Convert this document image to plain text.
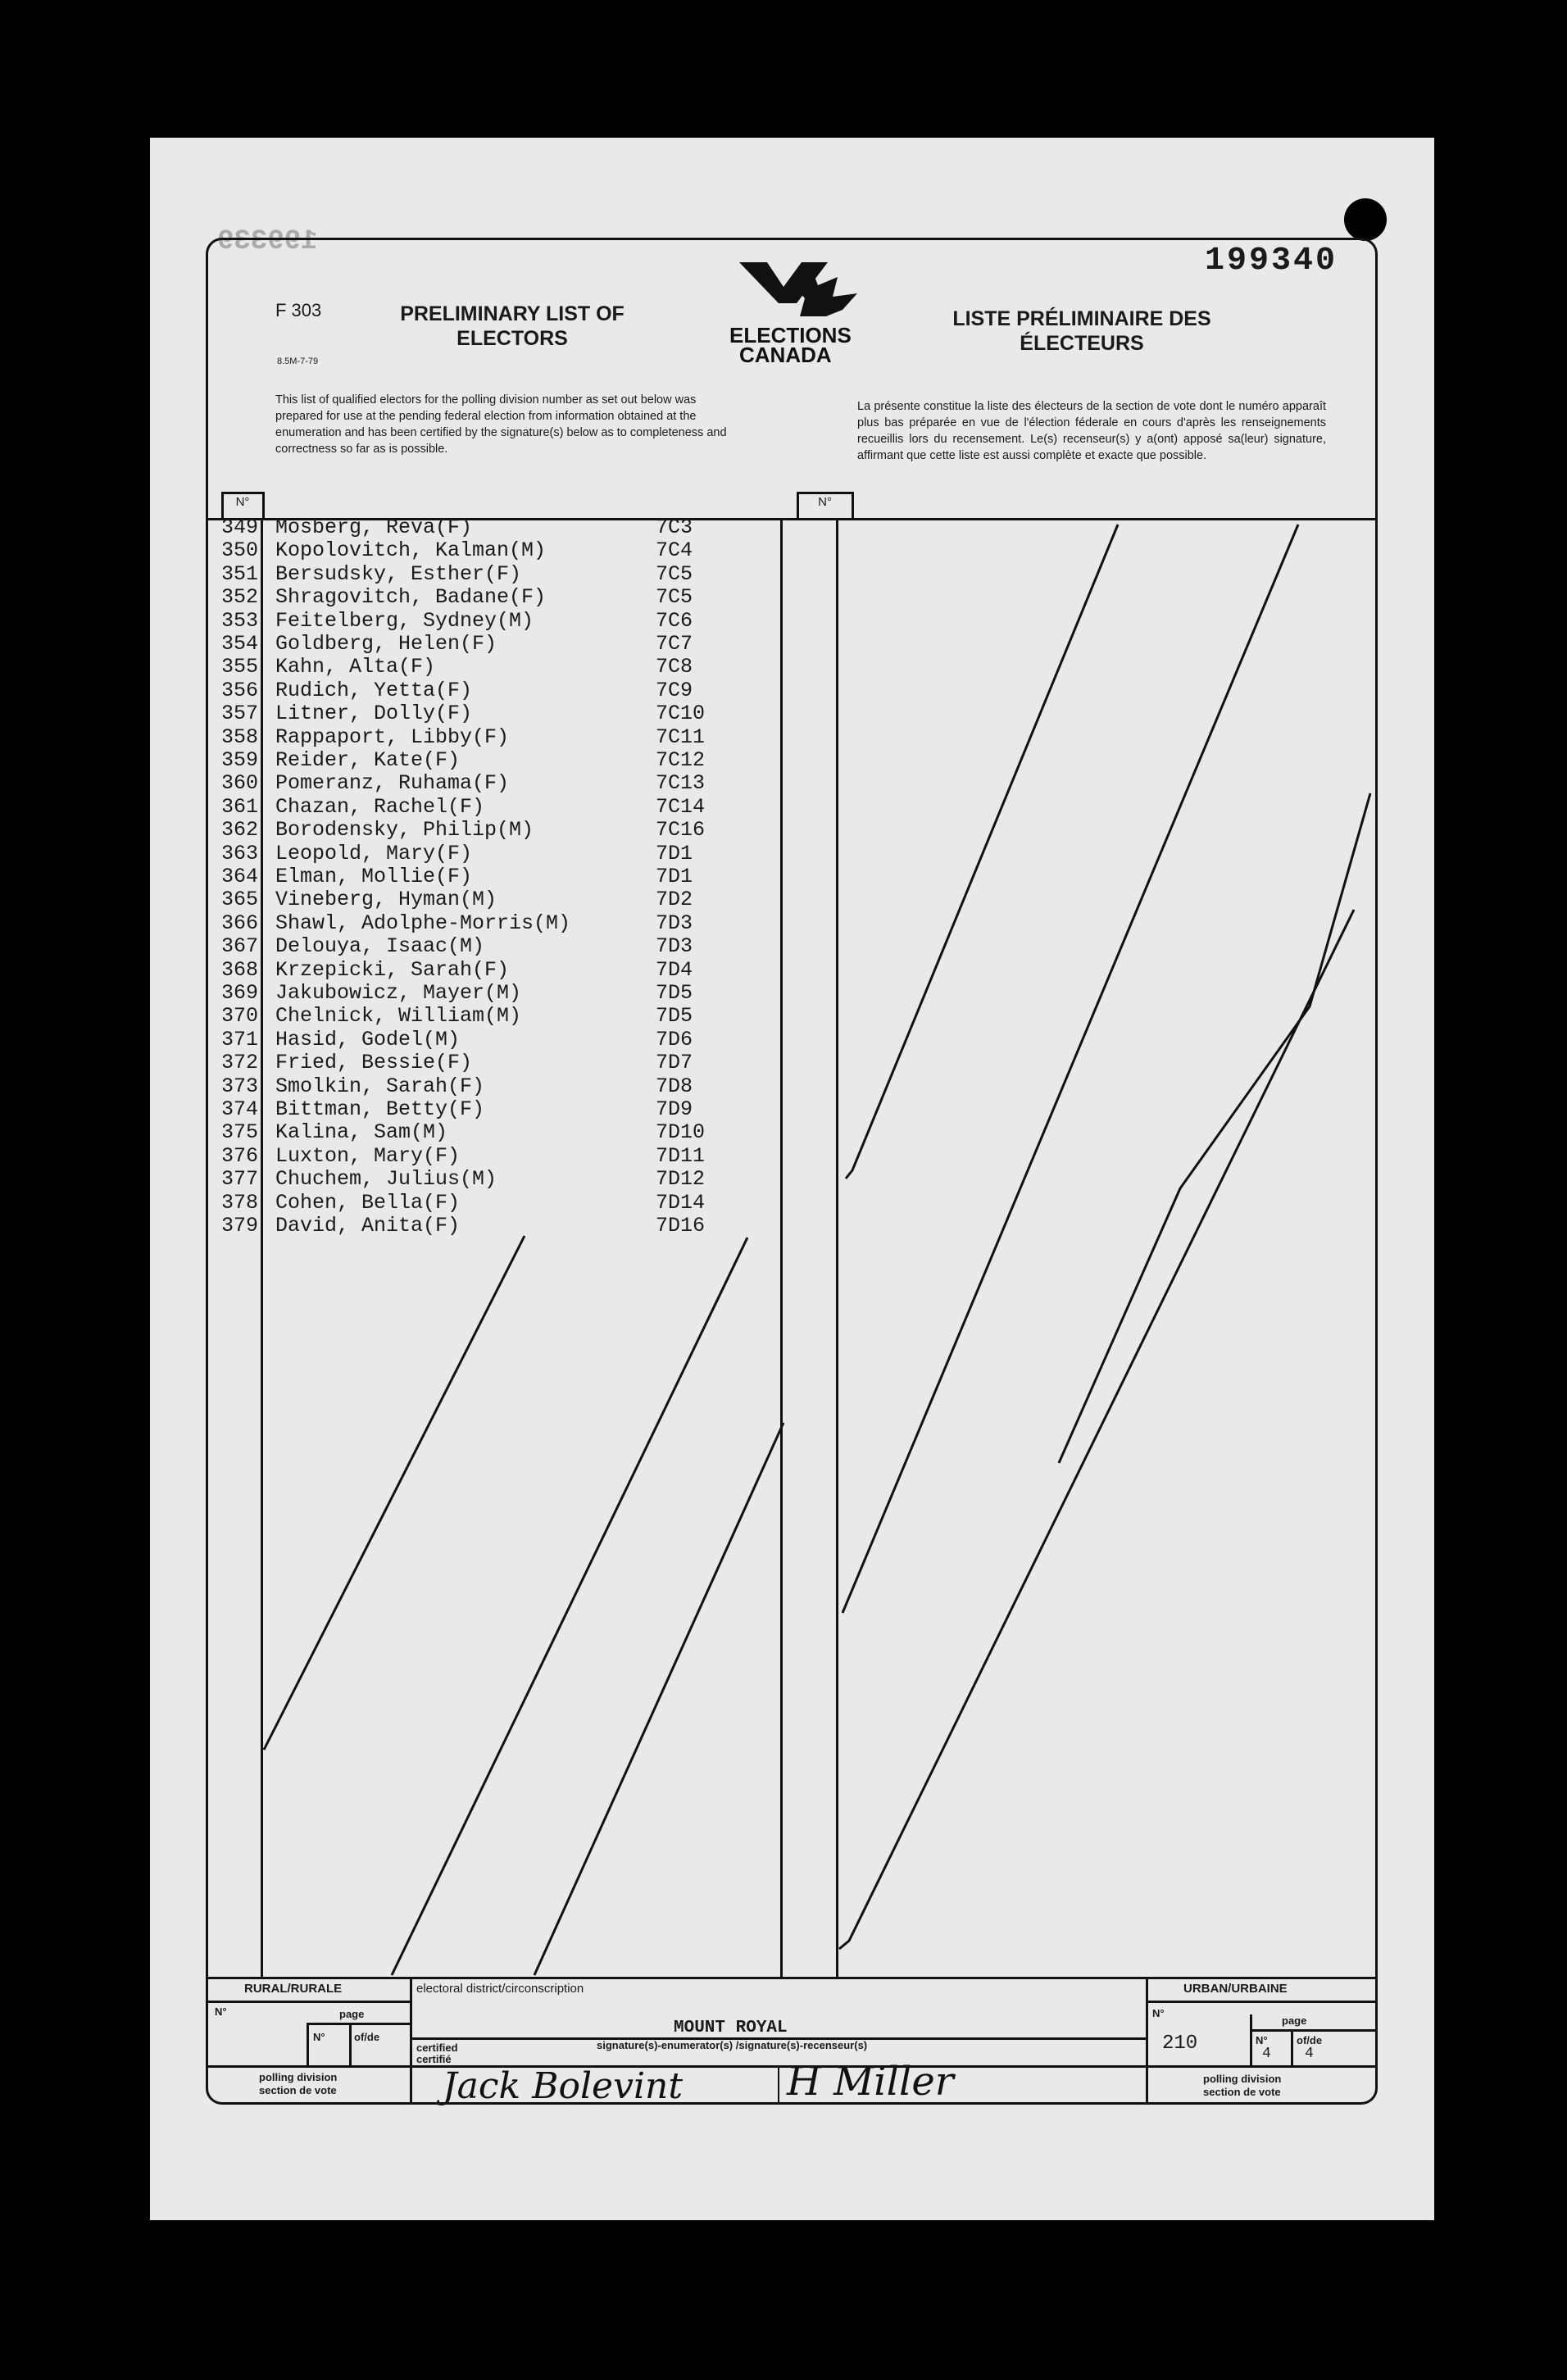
199339
199340
F 303
8.5M-7-79
PRELIMINARY LIST OF ELECTORS
LISTE PRÉLIMINAIRE DES ÉLECTEURS
ELECTIONS
CANADA
This list of qualified electors for the polling division number as set out below was prepared for use at the pending federal election from information obtained at the enumeration and has been certified by the signature(s) below as to completeness and correctness so far as is possible.
La présente constitue la liste des électeurs de la section de vote dont le numéro apparaît plus bas préparée en vue de l'élection féderale en cours d'après les renseignements recueillis lors du recensement. Le(s) recenseur(s) y a(ont) apposé sa(leur) signature, affirmant que cette liste est aussi complète et exacte que possible.
N°	N°
349 Mosberg, Reva(F)	7C3
350 Kopolovitch, Kalman(M)	7C4
351 Bersudsky, Esther(F)	7C5
352 Shragovitch, Badane(F)	7C5
353 Feitelberg, Sydney(M)	7C6
354 Goldberg, Helen(F)	7C7
355 Kahn, Alta(F)	7C8
356 Rudich, Yetta(F)	7C9
357 Litner, Dolly(F)	7C10
358 Rappaport, Libby(F)	7C11
359 Reider, Kate(F)	7C12
360 Pomeranz, Ruhama(F)	7C13
361 Chazan, Rachel(F)	7C14
362 Borodensky, Philip(M)	7C16
363 Leopold, Mary(F)	7D1
364 Elman, Mollie(F)	7D1
365 Vineberg, Hyman(M)	7D2
366 Shawl, Adolphe-Morris(M)	7D3
367 Delouya, Isaac(M)	7D3
368 Krzepicki, Sarah(F)	7D4
369 Jakubowicz, Mayer(M)	7D5
370 Chelnick, William(M)	7D5
371 Hasid, Godel(M)	7D6
372 Fried, Bessie(F)	7D7
373 Smolkin, Sarah(F)	7D8
374 Bittman, Betty(F)	7D9
375 Kalina, Sam(M)	7D10
376 Luxton, Mary(F)	7D11
377 Chuchem, Julius(M)	7D12
378 Cohen, Bella(F)	7D14
379 David, Anita(F)	7D16
RURAL/RURALE
N°	page
N°	of/de
polling division
section de vote
electoral district/circonscription
MOUNT ROYAL
certified
certifié
signature(s)-enumerator(s) /signature(s)-recenseur(s)
Jack Bolevint	H Miller
URBAN/URBAINE
N°
210
page
N°
4
of/de
4
polling division
section de vote
